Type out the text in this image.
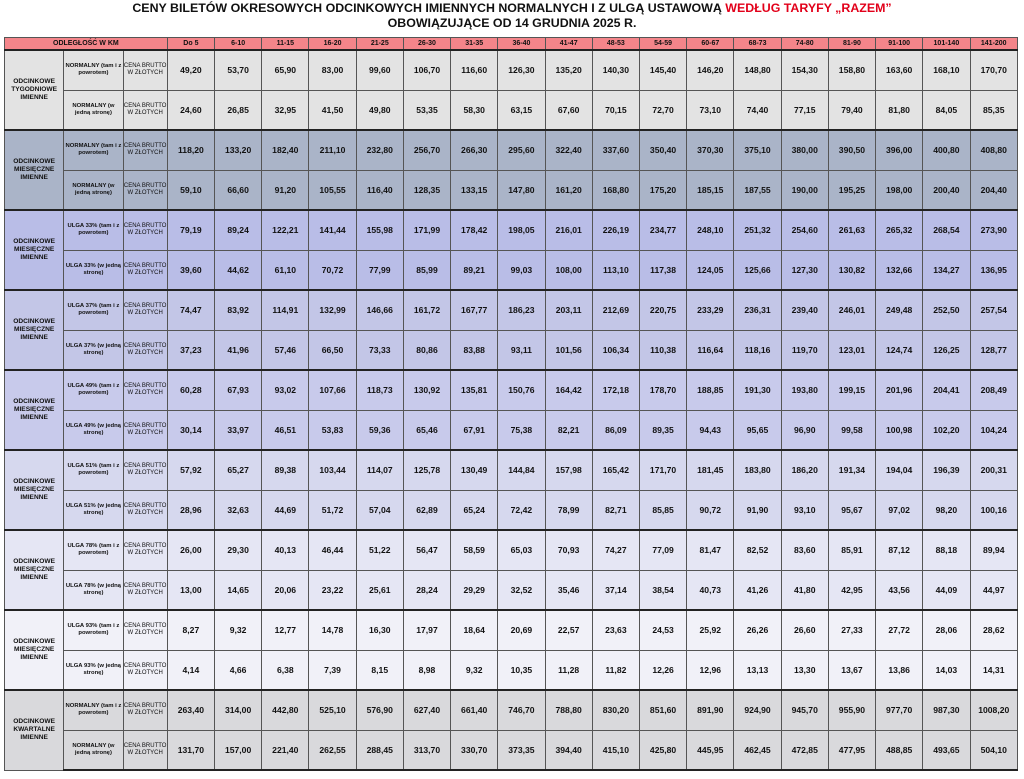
CENY BILETÓW OKRESOWYCH ODCINKOWYCH IMIENNYCH NORMALNYCH I Z ULGĄ USTAWOWĄ WEDŁUG TARYFY „RAZEM”
OBOWIĄZUJĄCE OD 14 GRUDNIA 2025 R.
ODLEGŁOŚĆ W KM			Do 5	6-10	11-15	16-20	21-25	26-30	31-35	36-40	41-47	48-53	54-59	60-67	68-73	74-80	81-90	91-100	101-140	141-200
ODCINKOWE TYGODNIOWE IMIENNE	NORMALNY (tam i z powrotem)	CENA BRUTTO W ZŁOTYCH	49,20	53,70	65,90	83,00	99,60	106,70	116,60	126,30	135,20	140,30	145,40	146,20	148,80	154,30	158,80	163,60	168,10	170,70
	NORMALNY (w jedną stronę)	CENA BRUTTO W ZŁOTYCH	24,60	26,85	32,95	41,50	49,80	53,35	58,30	63,15	67,60	70,15	72,70	73,10	74,40	77,15	79,40	81,80	84,05	85,35
ODCINKOWE MIESIĘCZNE IMIENNE	NORMALNY (tam i z powrotem)	CENA BRUTTO W ZŁOTYCH	118,20	133,20	182,40	211,10	232,80	256,70	266,30	295,60	322,40	337,60	350,40	370,30	375,10	380,00	390,50	396,00	400,80	408,80
	NORMALNY (w jedną stronę)	CENA BRUTTO W ZŁOTYCH	59,10	66,60	91,20	105,55	116,40	128,35	133,15	147,80	161,20	168,80	175,20	185,15	187,55	190,00	195,25	198,00	200,40	204,40
ODCINKOWE MIESIĘCZNE IMIENNE	ULGA 33% (tam i z powrotem)	CENA BRUTTO W ZŁOTYCH	79,19	89,24	122,21	141,44	155,98	171,99	178,42	198,05	216,01	226,19	234,77	248,10	251,32	254,60	261,63	265,32	268,54	273,90
	ULGA 33% (w jedną stronę)	CENA BRUTTO W ZŁOTYCH	39,60	44,62	61,10	70,72	77,99	85,99	89,21	99,03	108,00	113,10	117,38	124,05	125,66	127,30	130,82	132,66	134,27	136,95
ODCINKOWE MIESIĘCZNE IMIENNE	ULGA 37% (tam i z powrotem)	CENA BRUTTO W ZŁOTYCH	74,47	83,92	114,91	132,99	146,66	161,72	167,77	186,23	203,11	212,69	220,75	233,29	236,31	239,40	246,01	249,48	252,50	257,54
	ULGA 37% (w jedną stronę)	CENA BRUTTO W ZŁOTYCH	37,23	41,96	57,46	66,50	73,33	80,86	83,88	93,11	101,56	106,34	110,38	116,64	118,16	119,70	123,01	124,74	126,25	128,77
ODCINKOWE MIESIĘCZNE IMIENNE	ULGA 49% (tam i z powrotem)	CENA BRUTTO W ZŁOTYCH	60,28	67,93	93,02	107,66	118,73	130,92	135,81	150,76	164,42	172,18	178,70	188,85	191,30	193,80	199,15	201,96	204,41	208,49
	ULGA 49% (w jedną stronę)	CENA BRUTTO W ZŁOTYCH	30,14	33,97	46,51	53,83	59,36	65,46	67,91	75,38	82,21	86,09	89,35	94,43	95,65	96,90	99,58	100,98	102,20	104,24
ODCINKOWE MIESIĘCZNE IMIENNE	ULGA 51% (tam i z powrotem)	CENA BRUTTO W ZŁOTYCH	57,92	65,27	89,38	103,44	114,07	125,78	130,49	144,84	157,98	165,42	171,70	181,45	183,80	186,20	191,34	194,04	196,39	200,31
	ULGA 51% (w jedną stronę)	CENA BRUTTO W ZŁOTYCH	28,96	32,63	44,69	51,72	57,04	62,89	65,24	72,42	78,99	82,71	85,85	90,72	91,90	93,10	95,67	97,02	98,20	100,16
ODCINKOWE MIESIĘCZNE IMIENNE	ULGA 78% (tam i z powrotem)	CENA BRUTTO W ZŁOTYCH	26,00	29,30	40,13	46,44	51,22	56,47	58,59	65,03	70,93	74,27	77,09	81,47	82,52	83,60	85,91	87,12	88,18	89,94
	ULGA 78% (w jedną stronę)	CENA BRUTTO W ZŁOTYCH	13,00	14,65	20,06	23,22	25,61	28,24	29,29	32,52	35,46	37,14	38,54	40,73	41,26	41,80	42,95	43,56	44,09	44,97
ODCINKOWE MIESIĘCZNE IMIENNE	ULGA 93% (tam i z powrotem)	CENA BRUTTO W ZŁOTYCH	8,27	9,32	12,77	14,78	16,30	17,97	18,64	20,69	22,57	23,63	24,53	25,92	26,26	26,60	27,33	27,72	28,06	28,62
	ULGA 93% (w jedną stronę)	CENA BRUTTO W ZŁOTYCH	4,14	4,66	6,38	7,39	8,15	8,98	9,32	10,35	11,28	11,82	12,26	12,96	13,13	13,30	13,67	13,86	14,03	14,31
ODCINKOWE KWARTALNE IMIENNE	NORMALNY (tam i z powrotem)	CENA BRUTTO W ZŁOTYCH	263,40	314,00	442,80	525,10	576,90	627,40	661,40	746,70	788,80	830,20	851,60	891,90	924,90	945,70	955,90	977,70	987,30	1008,20
	NORMALNY (w jedną stronę)	CENA BRUTTO W ZŁOTYCH	131,70	157,00	221,40	262,55	288,45	313,70	330,70	373,35	394,40	415,10	425,80	445,95	462,45	472,85	477,95	488,85	493,65	504,10
